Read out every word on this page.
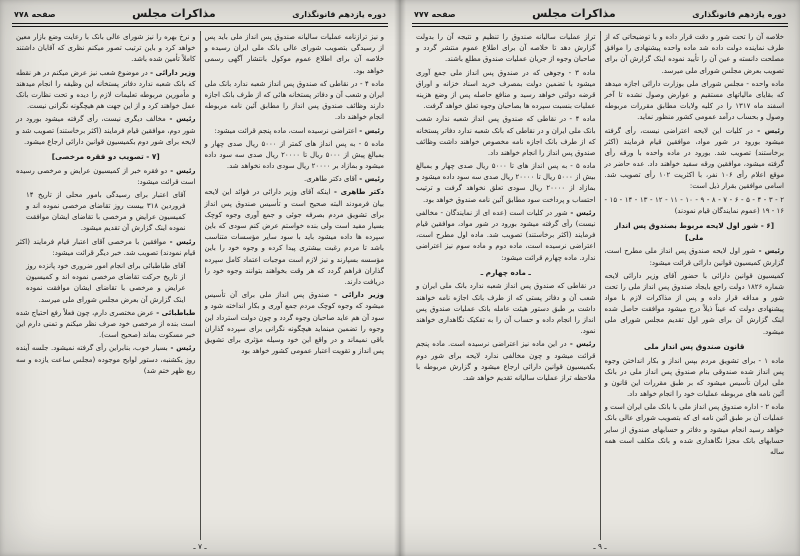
دوره یازدهم قانونگذاری
مذاکرات مجلس
صفحه ۷۷۷

خلاصه آن را تحت شور و دقت قرار داده و با توضیحاتی که از طرف نماینده دولت داده شد ماده واحده پیشنهادی را موافق مصلحت دانسته و عین آن را تأیید نموده اینک گزارش آن برای تصویب بعرض مجلس شورای ملی میرسد.

ماده واحده - مجلس شورای ملی بوزارت دارائی اجازه میدهد که بقایای مالیاتهای مستقیم و عوارض وصول نشده تا آخر اسفند ماه ۱۳۱۷ را در کلیه ولایات مطابق مقررات مربوطه وصول و بحساب درآمد عمومی کشور منظور نماید.

رئیس - در کلیات این لایحه اعتراضی نیست، رأی گرفته میشود بورود در شور مواد، موافقین قیام فرمایند (اکثر برخاستند) تصویب شد. بورود در ماده واحده با ورقه رأی گرفته میشود، موافقین ورقه سفید خواهند داد. عده حاضر در موقع اعلام رأی ۱۰۶ نفر، با اکثریت ۱۰۲ رأی تصویب شد. اسامی موافقین بقرار ذیل است:

۲ - ۳ - ۴ - ۵ - ۶ - ۷ - ۸ - ۹ - ۱۰ - ۱۱ - ۱۲ - ۱۳ - ۱۴ - ۱۵ - ۱۶ - ۱۹ (عموم نمایندگان قیام نمودند)

[۶ - شور اول لایحه مربوط بصندوق پس انداز ملی]

رئیس - شور اول لایحه صندوق پس انداز ملی مطرح است، گزارش کمیسیون قوانین دارائی قرائت میشود:

کمیسیون قوانین دارائی با حضور آقای وزیر دارائی لایحه شماره ۱۸۲۶ دولت راجع بایجاد صندوق پس انداز ملی را تحت شور و مداقه قرار داده و پس از مذاکرات لازم با مواد پیشنهادی دولت که عیناً ذیلاً درج میشود موافقت حاصل شده اینک گزارش آن برای شور اول تقدیم مجلس شورای ملی میشود.

قانون صندوق پس انداز ملی

ماده ۱ - برای تشویق مردم بپس انداز و بکار انداختن وجوه پس انداز شده صندوقی بنام صندوق پس انداز ملی در بانک ملی ایران تأسیس میشود که بر طبق مقررات این قانون و آئین نامه های مربوطه عملیات خود را انجام خواهد داد.

ماده ۲ - اداره صندوق پس انداز ملی با بانک ملی ایران است و عملیات آن بر طبق آئین نامه ای که بتصویب شورای عالی بانک خواهد رسید انجام میشود و دفاتر و حسابهای صندوق از سایر حسابهای بانک مجزا نگاهداری شده و بانک مکلف است همه ساله

تراز عملیات سالیانه صندوق را تنظیم و نتیجه آن را بدولت گزارش دهد تا خلاصه آن برای اطلاع عموم منتشر گردد و صاحبان وجوه از جریان عملیات صندوق مطلع باشند.

ماده ۳ - وجوهی که در صندوق پس انداز ملی جمع آوری میشود با تضمین دولت بمصرف خرید اسناد خزانه و اوراق قرضه دولتی خواهد رسید و منافع حاصله پس از وضع هزینه عملیات بنسبت سپرده ها بصاحبان وجوه تعلق خواهد گرفت.

ماده ۴ - در نقاطی که صندوق پس انداز شعبه ندارد شعب بانک ملی ایران و در نقاطی که بانک شعبه ندارد دفاتر پستخانه که از طرف بانک اجازه نامه مخصوص خواهند داشت وظائف صندوق پس انداز را انجام خواهند داد.

ماده ۵ - به پس انداز های تا ۵۰۰۰ ریال صدی چهار و بمبالغ بیش از ۵۰۰۰ ریال تا ۲۰۰۰۰ ریال صدی سه سود داده میشود و بمازاد از ۲۰۰۰۰ ریال سودی تعلق نخواهد گرفت و ترتیب احتساب و پرداخت سود مطابق آئین نامه صندوق خواهد بود.

رئیس - شور در کلیات است (عده ای از نمایندگان - مخالفی نیست) رأی گرفته میشود بورود در شور مواد، موافقین قیام فرمایند (اکثر برخاستند) تصویب شد. ماده اول مطرح است، اعتراضی نرسیده است، ماده دوم و ماده سوم نیز اعتراضی ندارد. ماده چهارم قرائت میشود:

ـ ماده چهارم ـ

در نقاطی که صندوق پس انداز شعبه ندارد بانک ملی ایران و شعب آن و دفاتر پستی که از طرف بانک اجازه نامه خواهند داشت بر طبق دستور هیئت عامله بانک عملیات صندوق پس انداز را انجام داده و حساب آن را به تفکیک نگاهداری خواهند نمود.

رئیس - در این ماده نیز اعتراضی نرسیده است. ماده پنجم قرائت میشود و چون مخالفی ندارد لایحه برای شور دوم بکمیسیون قوانین دارائی ارجاع میشود و گزارش مربوطه با ملاحظه تراز عملیات سالیانه تقدیم خواهد شد.

ـ ۹ ـ
دوره یازدهم قانونگذاری
مذاکرات مجلس
صفحه ۷۷۸

و نیز ترازنامه عملیات سالیانه صندوق پس انداز ملی باید پس از رسیدگی بتصویب شورای عالی بانک ملی ایران رسیده و خلاصه آن برای اطلاع عموم موکول بانتشار آگهی رسمی خواهد بود.

ماده ۴ - در نقاطی که صندوق پس انداز شعبه ندارد بانک ملی ایران و شعب آن و دفاتر پستخانه هائی که از طرف بانک اجازه دارند وظائف صندوق پس انداز را مطابق آئین نامه مربوطه انجام خواهند داد.

رئیس - اعتراضی نرسیده است، ماده پنجم قرائت میشود:

ماده ۵ - به پس انداز های کمتر از ۵۰۰۰ ریال صدی چهار و بمبالغ پیش از ۵۰۰۰ ریال تا ۲۰۰۰۰ ریال صدی سه سود داده میشود و بمازاد بر ۲۰۰۰۰ ریال سودی داده نخواهد شد.

رئیس - آقای دکتر طاهری.

دکتر طاهری - اینکه آقای وزیر دارائی در فوائد این لایحه بیان فرمودند البته صحیح است و تأسیس صندوق پس انداز برای تشویق مردم بصرفه جوئی و جمع آوری وجوه کوچک بسیار مفید است ولی بنده خواستم عرض کنم سودی که باین سپرده ها داده میشود باید با سود سایر مؤسسات متناسب باشد تا مردم رغبت بیشتری پیدا کرده و وجوه خود را باین مؤسسه بسپارند و نیز لازم است موجبات اعتماد کامل سپرده گذاران فراهم گردد که هر وقت بخواهند بتوانند وجوه خود را دریافت دارند.

وزیر دارائی - صندوق پس انداز ملی برای آن تأسیس میشود که وجوه کوچک مردم جمع آوری و بکار انداخته شود و سود آن هم عاید صاحبان وجوه گردد و چون دولت استرداد این وجوه را تضمین مینماید هیچگونه نگرانی برای سپرده گذاران باقی نمیماند و در واقع این خود وسیله مؤثری برای تشویق پس انداز و تقویت اعتبار عمومی کشور خواهد بود

و نرخ بهره را نیز شورای عالی بانک با رعایت وضع بازار معین خواهد کرد و باین ترتیب تصور میکنم نظری که آقایان داشتند کاملاً تأمین شده باشد.

وزیر دارائی - در موضوع شعب نیز عرض میکنم در هر نقطه که بانک شعبه ندارد دفاتر پستخانه این وظیفه را انجام میدهند و مأمورین مربوطه تعلیمات لازم را دیده و تحت نظارت بانک عمل خواهند کرد و از این جهت هم هیچگونه نگرانی نیست.

رئیس - مخالف دیگری نیست، رأی گرفته میشود بورود در شور دوم، موافقین قیام فرمایند (اکثر برخاستند) تصویب شد و لایحه برای شور دوم بکمیسیون قوانین دارائی ارجاع میشود.

[۷ - تصویب دو فقره مرخصی]

رئیس - دو فقره خبر از کمیسیون عرایض و مرخصی رسیده است قرائت میشود:

آقای اعتبار برای رسیدگی بامور محلی از تاریخ ۱۴ فروردین ۳۱۸ بیست روز تقاضای مرخصی نموده اند و کمیسیون عرایض و مرخصی با تقاضای ایشان موافقت نموده اینک گزارش آن تقدیم میشود.

رئیس - موافقین با مرخصی آقای اعتبار قیام فرمایند (اکثر قیام نمودند) تصویب شد. خبر دیگر قرائت میشود:

آقای طباطبائی برای انجام امور ضروری خود پانزده روز از تاریخ حرکت تقاضای مرخصی نموده اند و کمیسیون عرایض و مرخصی با تقاضای ایشان موافقت نموده اینک گزارش آن بعرض مجلس شورای ملی میرسد.

طباطبائی - عرض مختصری دارم، چون فعلاً رفع احتیاج شده است بنده از مرخصی خود صرف نظر میکنم و تمنی دارم این خبر مسکوت بماند (صحیح است).

رئیس - بسیار خوب، بنابراین رأی گرفته نمیشود. جلسه آینده روز یکشنبه، دستور لوایح موجوده (مجلس ساعت یازده و سه ربع ظهر ختم شد)

ـ ۷ ـ
